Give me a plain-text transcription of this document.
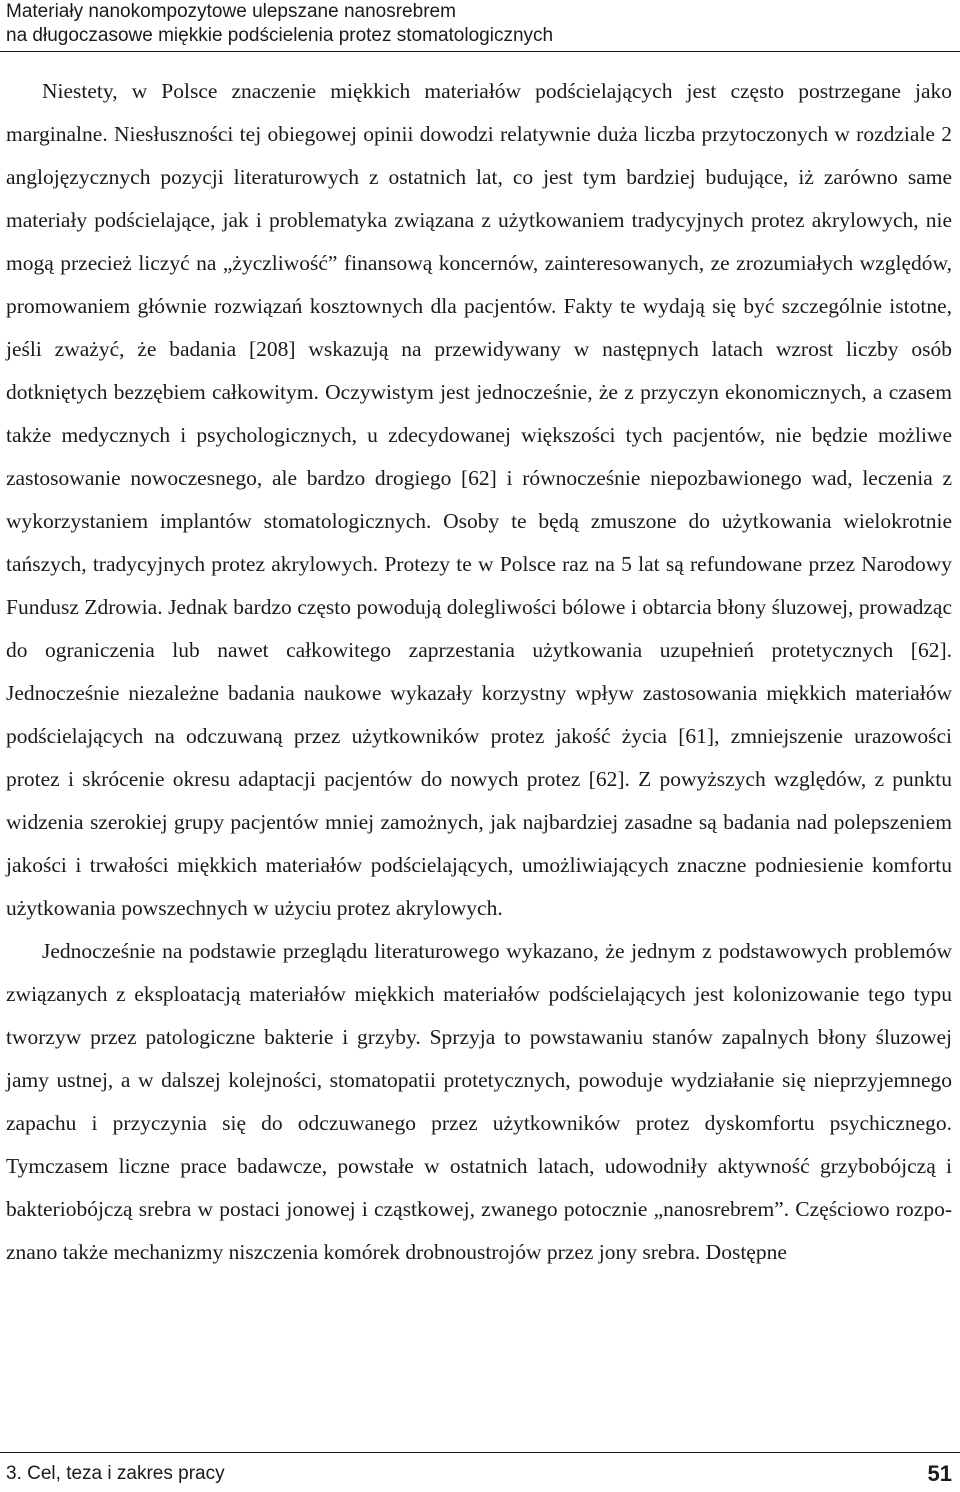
Materiały nanokompozytowe ulepszane nanosrebrem
na długoczasowe miękkie podścielenia protez stomatologicznych

Niestety, w Polsce znaczenie miękkich materiałów podścielających jest często postrzegane jako marginalne. Niesłuszności tej obiegowej opinii dowodzi relatywnie duża liczba przytoczonych w rozdziale 2 anglojęzycznych pozycji literaturowych z ostatnich lat, co jest tym bardziej budujące, iż zarówno same materiały podścielające, jak i problematyka związana z użytkowaniem tradycyjnych protez akrylowych, nie mogą przecież liczyć na „życzliwość” finansową koncernów, zainteresowanych, ze zrozumiałych względów, promowaniem głównie rozwiązań kosztownych dla pacjentów. Fakty te wydają się być szczególnie istotne, jeśli zważyć, że badania [208] wskazują na przewidywany w następnych latach wzrost liczby osób dotkniętych bezzębiem całkowitym. Oczywistym jest jednocześnie, że z przyczyn ekonomicznych, a czasem także medycznych i psychologicznych, u zdecydowanej większości tych pacjentów, nie będzie możliwe zastosowanie nowoczesnego, ale bardzo drogiego [62] i równocześnie niepozbawionego wad, leczenia z wykorzystaniem implantów stomatologicznych. Osoby te będą zmuszone do użytkowania wielokrotnie tańszych, tradycyjnych protez akrylowych. Protezy te w Polsce raz na 5 lat są refundowane przez Narodowy Fundusz Zdrowia. Jednak bardzo często powodują dolegliwości bólowe i obtarcia błony śluzowej, prowadząc do ograniczenia lub nawet całkowitego zaprzestania użytkowania uzupełnień protetycznych [62]. Jednocześnie niezależne badania naukowe wykazały korzystny wpływ zastosowania miękkich materiałów podścielających na odczuwaną przez użytkowników protez jakość życia [61], zmniejszenie urazowości protez i skrócenie okresu adaptacji pacjentów do nowych protez [62]. Z powyższych względów, z punktu widzenia szerokiej grupy pacjentów mniej zamożnych, jak najbardziej zasadne są badania nad polepszeniem jakości i trwałości miękkich materiałów podścielających, umożliwiających znaczne podniesienie komfortu użytkowania powszechnych w użyciu protez akrylowych.

Jednocześnie na podstawie przeglądu literaturowego wykazano, że jednym z podstawowych problemów związanych z eksploatacją materiałów miękkich materiałów podścielających jest kolonizowanie tego typu tworzyw przez patologiczne bakterie i grzyby. Sprzyja to powstawaniu stanów zapalnych błony śluzowej jamy ustnej, a w dalszej kolejności, stomatopatii protetycznych, powoduje wydziałanie się nieprzyjemnego zapachu i przyczynia się do odczuwanego przez użytkowników protez dyskomfortu psychicznego. Tymczasem liczne prace badawcze, powstałe w ostatnich latach, udowodniły aktywność grzybobójczą i bakteriobójczą srebra w postaci jonowej i cząstkowej, zwanego potocznie „nanosrebrem”. Częściowo rozpoznano także mechanizmy niszczenia komórek drobnoustrojów przez jony srebra. Dostępne

3. Cel, teza i zakres pracy	51
